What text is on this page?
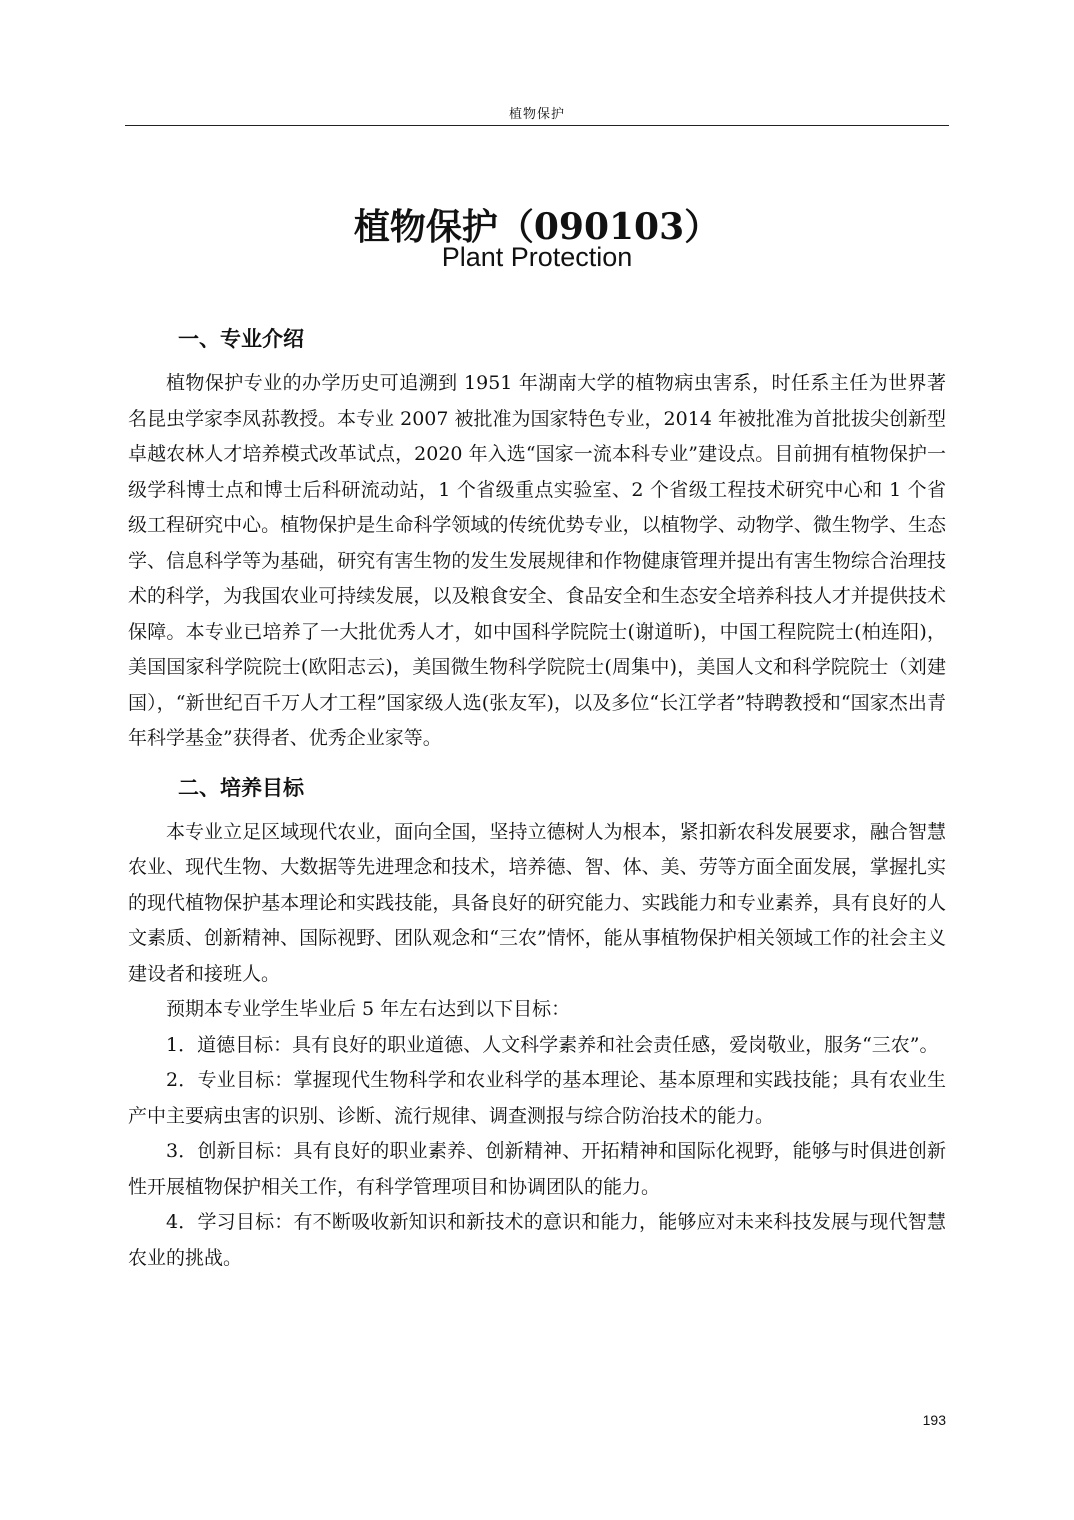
植物保护
植物保护（090103）
Plant Protection
一、专业介绍

植物保护专业的办学历史可追溯到 1951 年湖南大学的植物病虫害系，时任系主任为世界著名昆虫学家李凤荪教授。本专业 2007 被批准为国家特色专业，2014 年被批准为首批拔尖创新型卓越农林人才培养模式改革试点，2020 年入选“国家一流本科专业”建设点。目前拥有植物保护一级学科博士点和博士后科研流动站，1 个省级重点实验室、2 个省级工程技术研究中心和 1 个省级工程研究中心。植物保护是生命科学领域的传统优势专业，以植物学、动物学、微生物学、生态学、信息科学等为基础，研究有害生物的发生发展规律和作物健康管理并提出有害生物综合治理技术的科学，为我国农业可持续发展，以及粮食安全、食品安全和生态安全培养科技人才并提供技术保障。本专业已培养了一大批优秀人才，如中国科学院院士(谢道昕)，中国工程院院士(柏连阳)，美国国家科学院院士(欧阳志云)，美国微生物科学院院士(周集中)，美国人文和科学院院士（刘建国），“新世纪百千万人才工程”国家级人选(张友军)，以及多位“长江学者”特聘教授和“国家杰出青年科学基金”获得者、优秀企业家等。

二、培养目标

本专业立足区域现代农业，面向全国，坚持立德树人为根本，紧扣新农科发展要求，融合智慧农业、现代生物、大数据等先进理念和技术，培养德、智、体、美、劳等方面全面发展，掌握扎实的现代植物保护基本理论和实践技能，具备良好的研究能力、实践能力和专业素养，具有良好的人文素质、创新精神、国际视野、团队观念和“三农”情怀，能从事植物保护相关领域工作的社会主义建设者和接班人。

预期本专业学生毕业后 5 年左右达到以下目标：

1．道德目标：具有良好的职业道德、人文科学素养和社会责任感，爱岗敬业，服务“三农”。

2．专业目标：掌握现代生物科学和农业科学的基本理论、基本原理和实践技能；具有农业生产中主要病虫害的识别、诊断、流行规律、调查测报与综合防治技术的能力。

3．创新目标：具有良好的职业素养、创新精神、开拓精神和国际化视野，能够与时俱进创新性开展植物保护相关工作，有科学管理项目和协调团队的能力。

4．学习目标：有不断吸收新知识和新技术的意识和能力，能够应对未来科技发展与现代智慧农业的挑战。

193
